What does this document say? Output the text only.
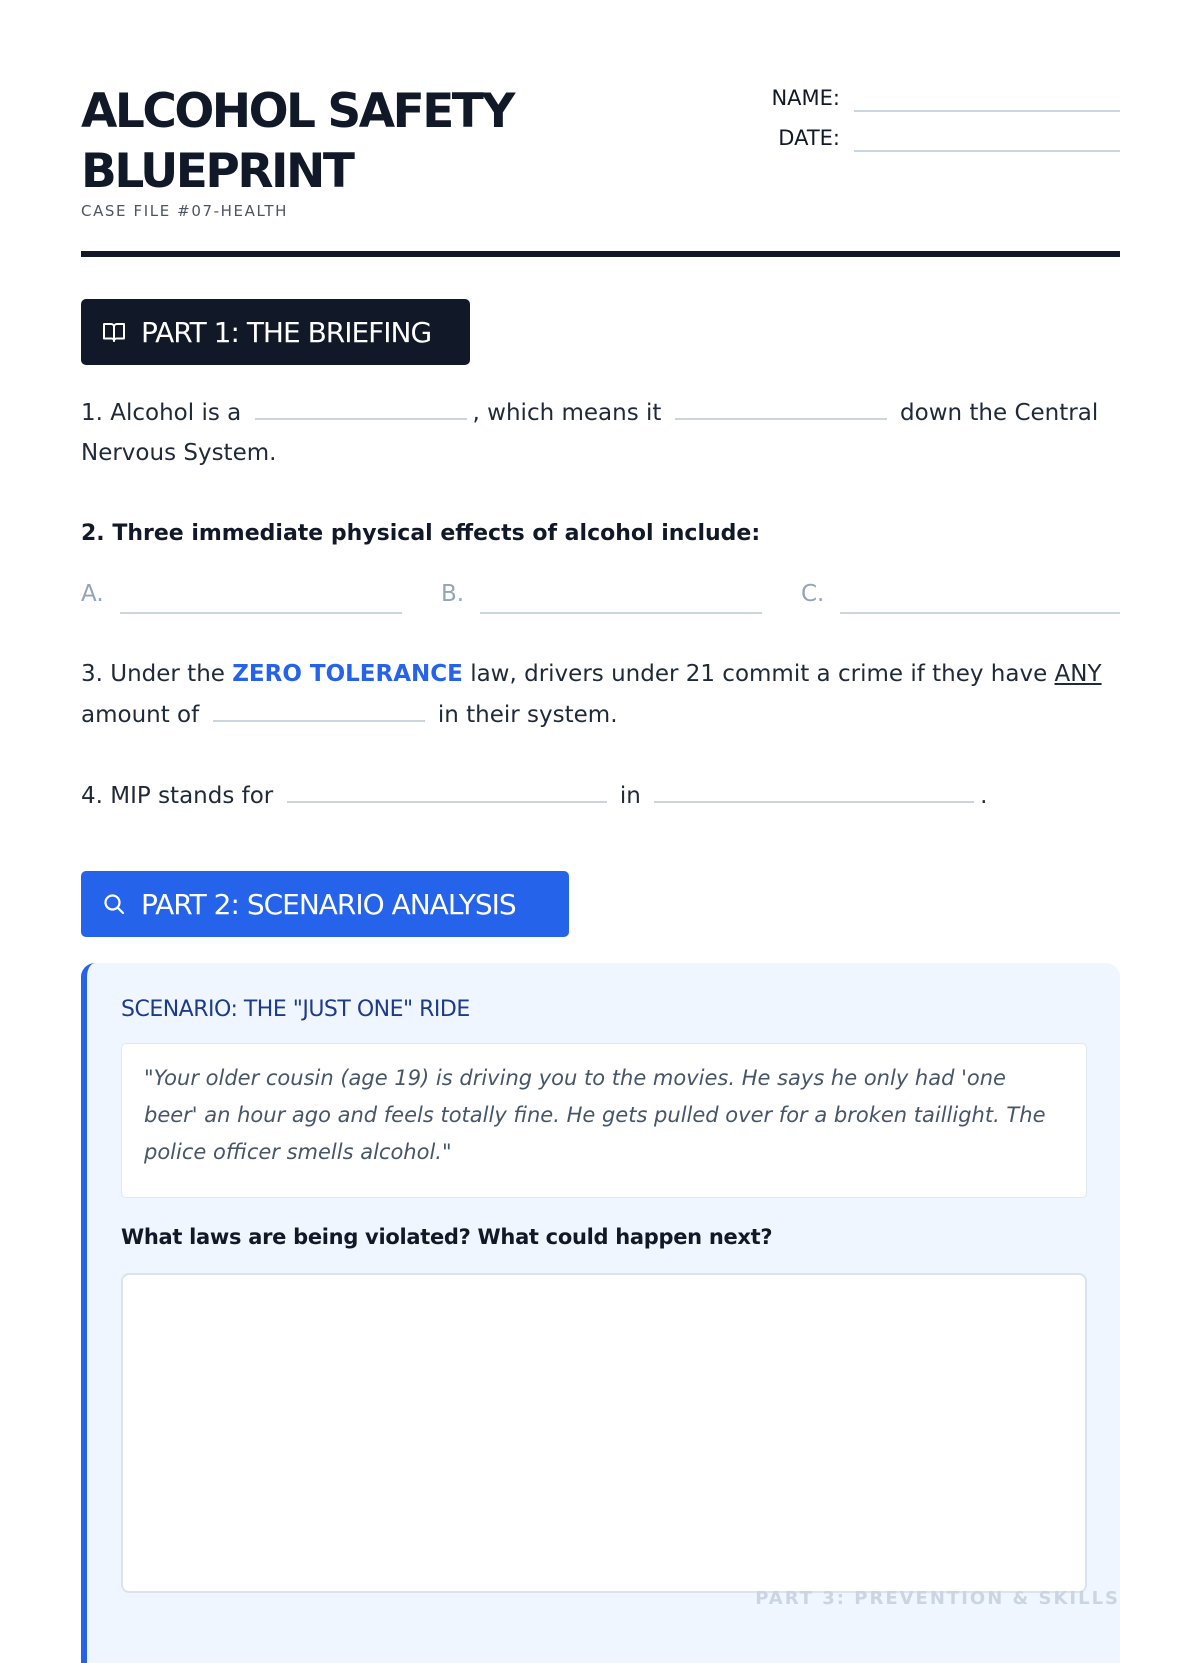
ALCOHOL SAFETY BLUEPRINT
CASE FILE #07-HEALTH
NAME:
DATE:
PART 1: THE BRIEFING
1. Alcohol is a	, which means it	down the Central Nervous System.
2. Three immediate physical effects of alcohol include:
A.	B.	C.
3. Under the ZERO TOLERANCE law, drivers under 21 commit a crime if they have ANY
amount of	in their system.
4. MIP stands for	in	.
PART 2: SCENARIO ANALYSIS
SCENARIO: THE "JUST ONE" RIDE
"Your older cousin (age 19) is driving you to the movies. He says he only had 'one beer' an hour ago and feels totally fine. He gets pulled over for a broken taillight. The police officer smells alcohol."
What laws are being violated? What could happen next?
PART 3: PREVENTION & SKILLS
